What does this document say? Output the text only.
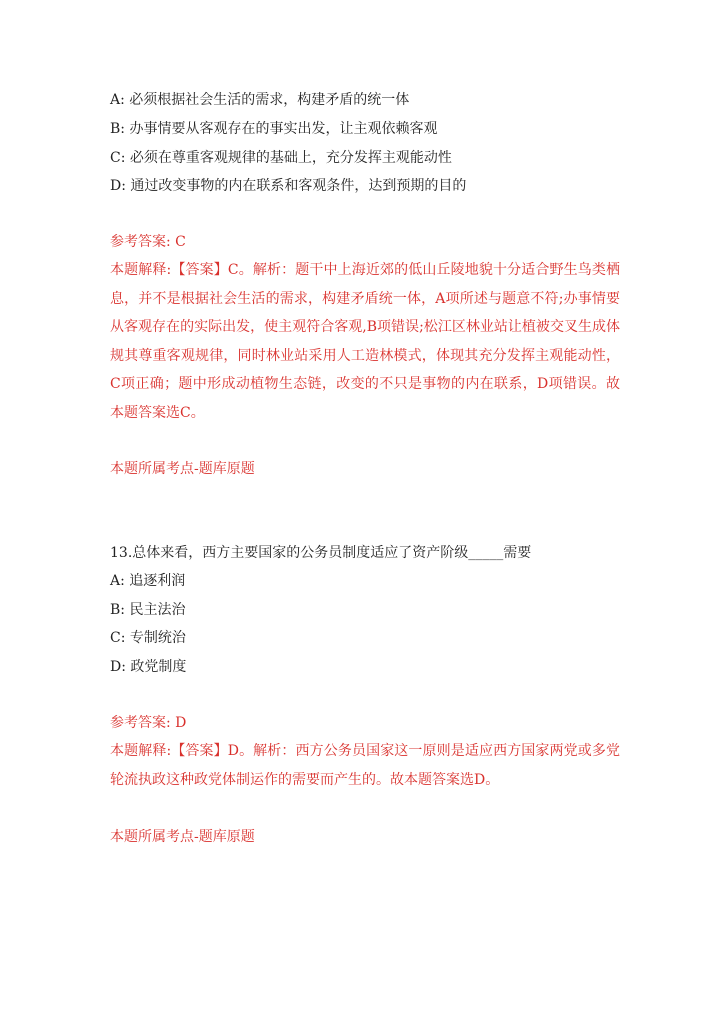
A: 必须根据社会生活的需求，构建矛盾的统一体
B: 办事情要从客观存在的事实出发，让主观依赖客观
C: 必须在尊重客观规律的基础上，充分发挥主观能动性
D: 通过改变事物的内在联系和客观条件，达到预期的目的
参考答案: C
本题解释:【答案】C。解析：题干中上海近郊的低山丘陵地貌十分适合野生鸟类栖息，并不是根据社会生活的需求，构建矛盾统一体，A项所述与题意不符;办事情要从客观存在的实际出发，使主观符合客观,B项错误;松江区林业站让植被交叉生成体规其尊重客观规律，同时林业站采用人工造林模式，体现其充分发挥主观能动性，C项正确；题中形成动植物生态链，改变的不只是事物的内在联系，D项错误。故本题答案选C。
本题所属考点-题库原题
13.总体来看，西方主要国家的公务员制度适应了资产阶级_____需要
A: 追逐利润
B: 民主法治
C: 专制统治
D: 政党制度
参考答案: D
本题解释:【答案】D。解析：西方公务员国家这一原则是适应西方国家两党或多党轮流执政这种政党体制运作的需要而产生的。故本题答案选D。
本题所属考点-题库原题
